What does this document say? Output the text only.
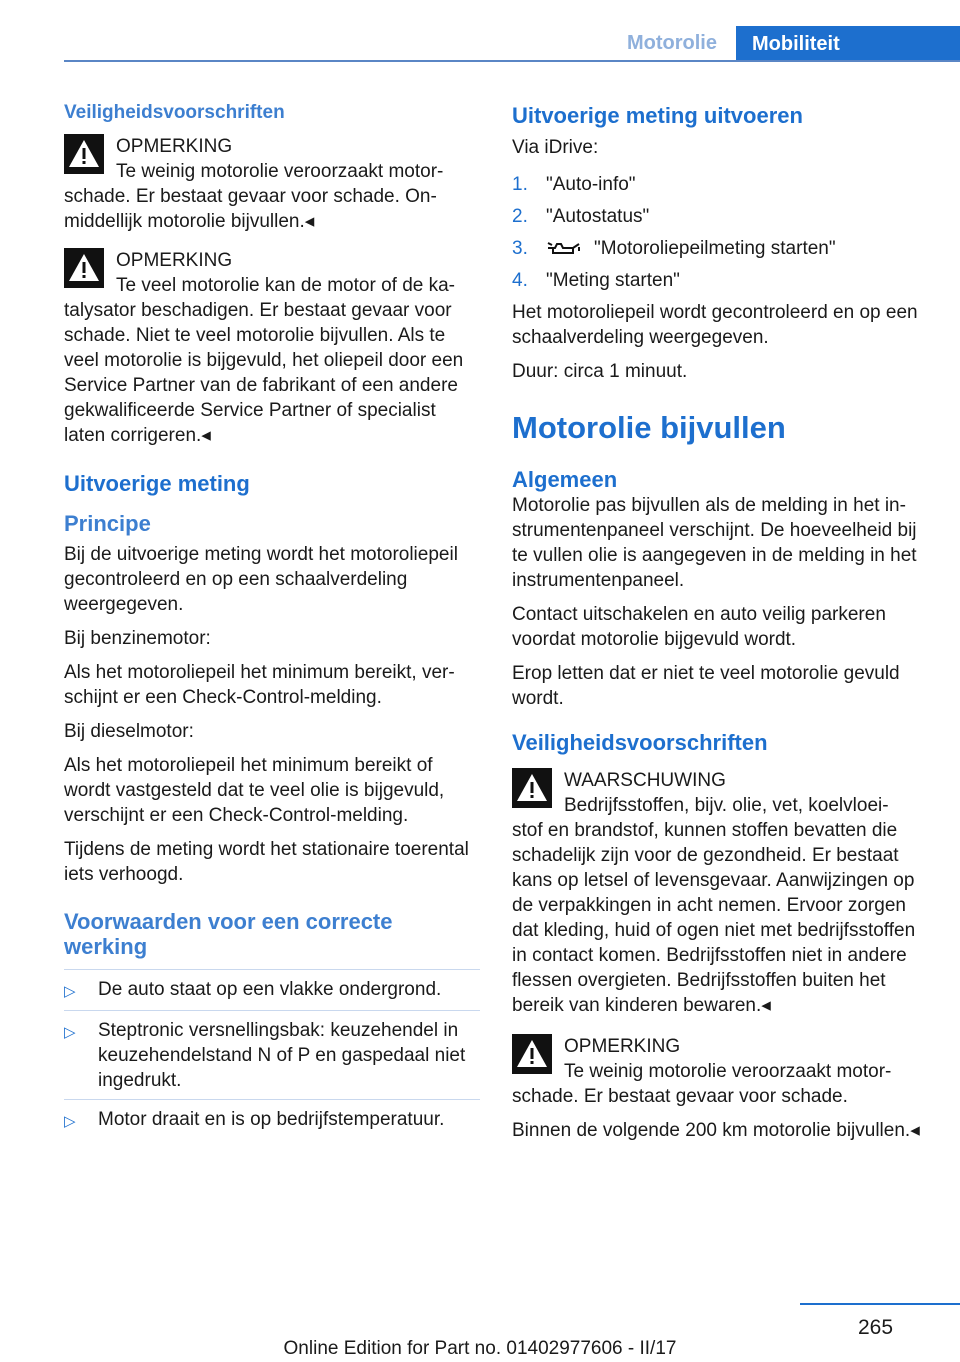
Motorolie	Mobiliteit
Veiligheidsvoorschriften
OPMERKING
Te weinig motorolie veroorzaakt motor-
schade. Er bestaat gevaar voor schade. Onmiddellijk motorolie bijvullen.◂
OPMERKING
Te veel motorolie kan de motor of de ka-
talysator beschadigen. Er bestaat gevaar voor schade. Niet te veel motorolie bijvullen. Als te veel motorolie is bijgevuld, het oliepeil door een Service Partner van de fabrikant of een andere gekwalificeerde Service Partner of specialist laten corrigeren.◂
Uitvoerige meting
Principe

Bij de uitvoerige meting wordt het motoroliepeil gecontroleerd en op een schaalverdeling weergegeven.

Bij benzinemotor:

Als het motoroliepeil het minimum bereikt, verschijnt er een Check-Control-melding.

Bij dieselmotor:

Als het motoroliepeil het minimum bereikt of wordt vastgesteld dat te veel olie is bijgevuld, verschijnt er een Check-Control-melding.

Tijdens de meting wordt het stationaire toerental iets verhoogd.

Voorwaarden voor een correcte werking
▷	De auto staat op een vlakke ondergrond.
▷	Steptronic versnellingsbak: keuzehendel in keuzehendelstand N of P en gaspedaal niet ingedrukt.
▷	Motor draait en is op bedrijfstemperatuur.
Uitvoerige meting uitvoeren

Via iDrive:

1. "Auto-info"
2. "Autostatus"
3.	"Motoroliepeilmeting starten"
4. "Meting starten"

Het motoroliepeil wordt gecontroleerd en op een schaalverdeling weergegeven.

Duur: circa 1 minuut.

Motorolie bijvullen
Algemeen

Motorolie pas bijvullen als de melding in het instrumentenpaneel verschijnt. De hoeveelheid bij te vullen olie is aangegeven in de melding in het instrumentenpaneel.

Contact uitschakelen en auto veilig parkeren voordat motorolie bijgevuld wordt.

Erop letten dat er niet te veel motorolie gevuld wordt.

Veiligheidsvoorschriften
WAARSCHUWING
Bedrijfsstoffen, bijv. olie, vet, koelvloei-
stof en brandstof, kunnen stoffen bevatten die schadelijk zijn voor de gezondheid. Er bestaat kans op letsel of levensgevaar. Aanwijzingen op de verpakkingen in acht nemen. Ervoor zorgen dat kleding, huid of ogen niet met bedrijfsstoffen in contact komen. Bedrijfsstoffen niet in andere flessen overgieten. Bedrijfsstoffen buiten het bereik van kinderen bewaren.◂
OPMERKING
Te weinig motorolie veroorzaakt motor-
schade. Er bestaat gevaar voor schade.

Binnen de volgende 200 km motorolie bijvullen.◂

265
Online Edition for Part no. 01402977606 - II/17
